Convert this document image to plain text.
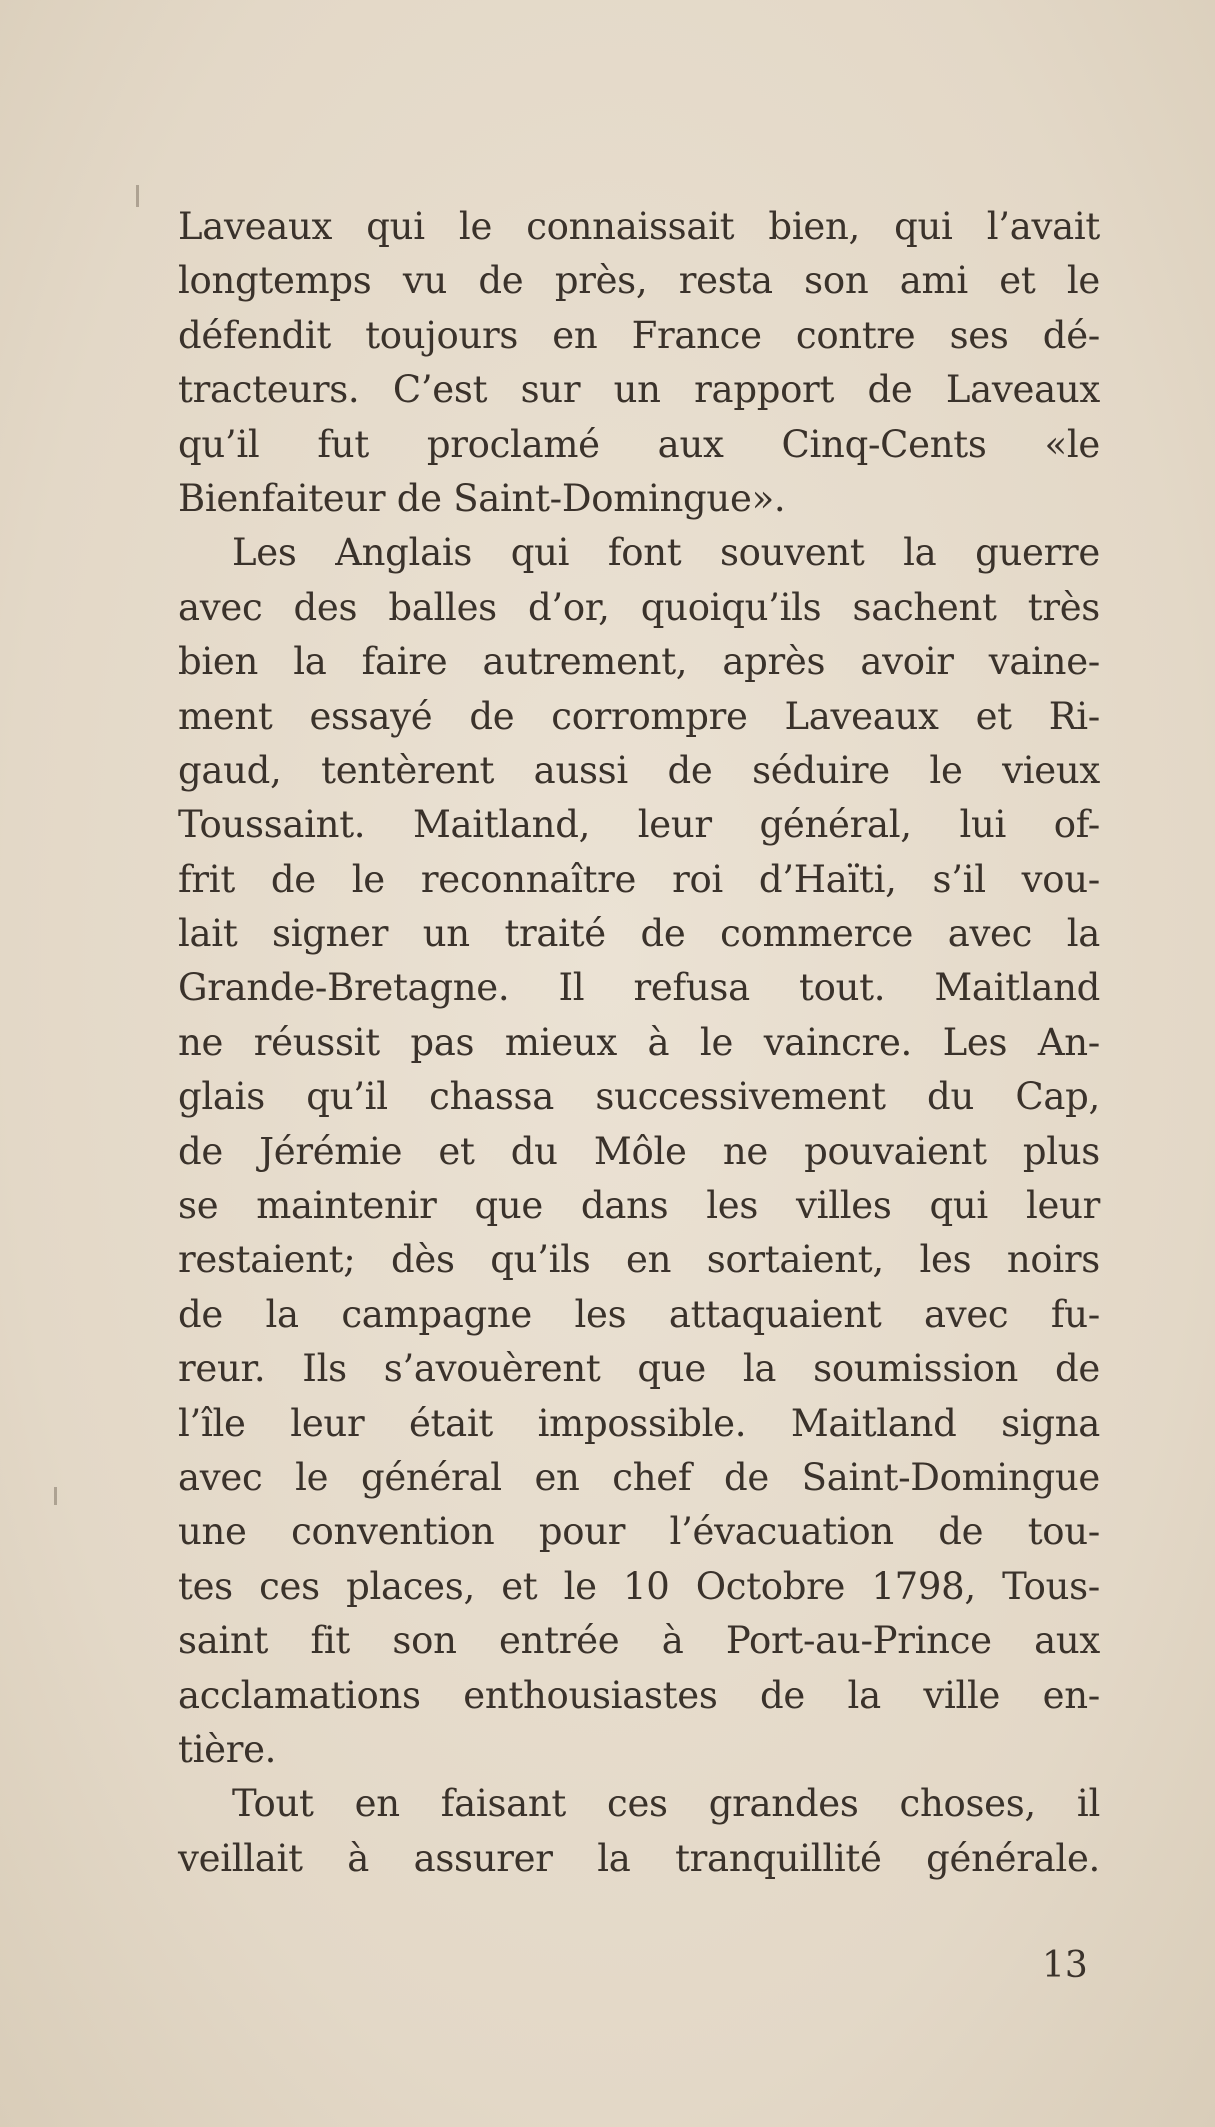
Laveaux qui le connaissait bien, qui l’avait
longtemps vu de près, resta son ami et le
défendit toujours en France contre ses dé-
tracteurs. C’est sur un rapport de Laveaux
qu’il fut proclamé aux Cinq-Cents «le
Bienfaiteur de Saint-Domingue».
Les Anglais qui font souvent la guerre
avec des balles d’or, quoiqu’ils sachent très
bien la faire autrement, après avoir vaine-
ment essayé de corrompre Laveaux et Ri-
gaud, tentèrent aussi de séduire le vieux
Toussaint. Maitland, leur général, lui of-
frit de le reconnaître roi d’Haïti, s’il vou-
lait signer un traité de commerce avec la
Grande-Bretagne. Il refusa tout. Maitland
ne réussit pas mieux à le vaincre. Les An-
glais qu’il chassa successivement du Cap,
de Jérémie et du Môle ne pouvaient plus
se maintenir que dans les villes qui leur
restaient; dès qu’ils en sortaient, les noirs
de la campagne les attaquaient avec fu-
reur. Ils s’avouèrent que la soumission de
l’île leur était impossible. Maitland signa
avec le général en chef de Saint-Domingue
une convention pour l’évacuation de tou-
tes ces places, et le 10 Octobre 1798, Tous-
saint fit son entrée à Port-au-Prince aux
acclamations enthousiastes de la ville en-
tière.
Tout en faisant ces grandes choses, il
veillait à assurer la tranquillité générale.
13
